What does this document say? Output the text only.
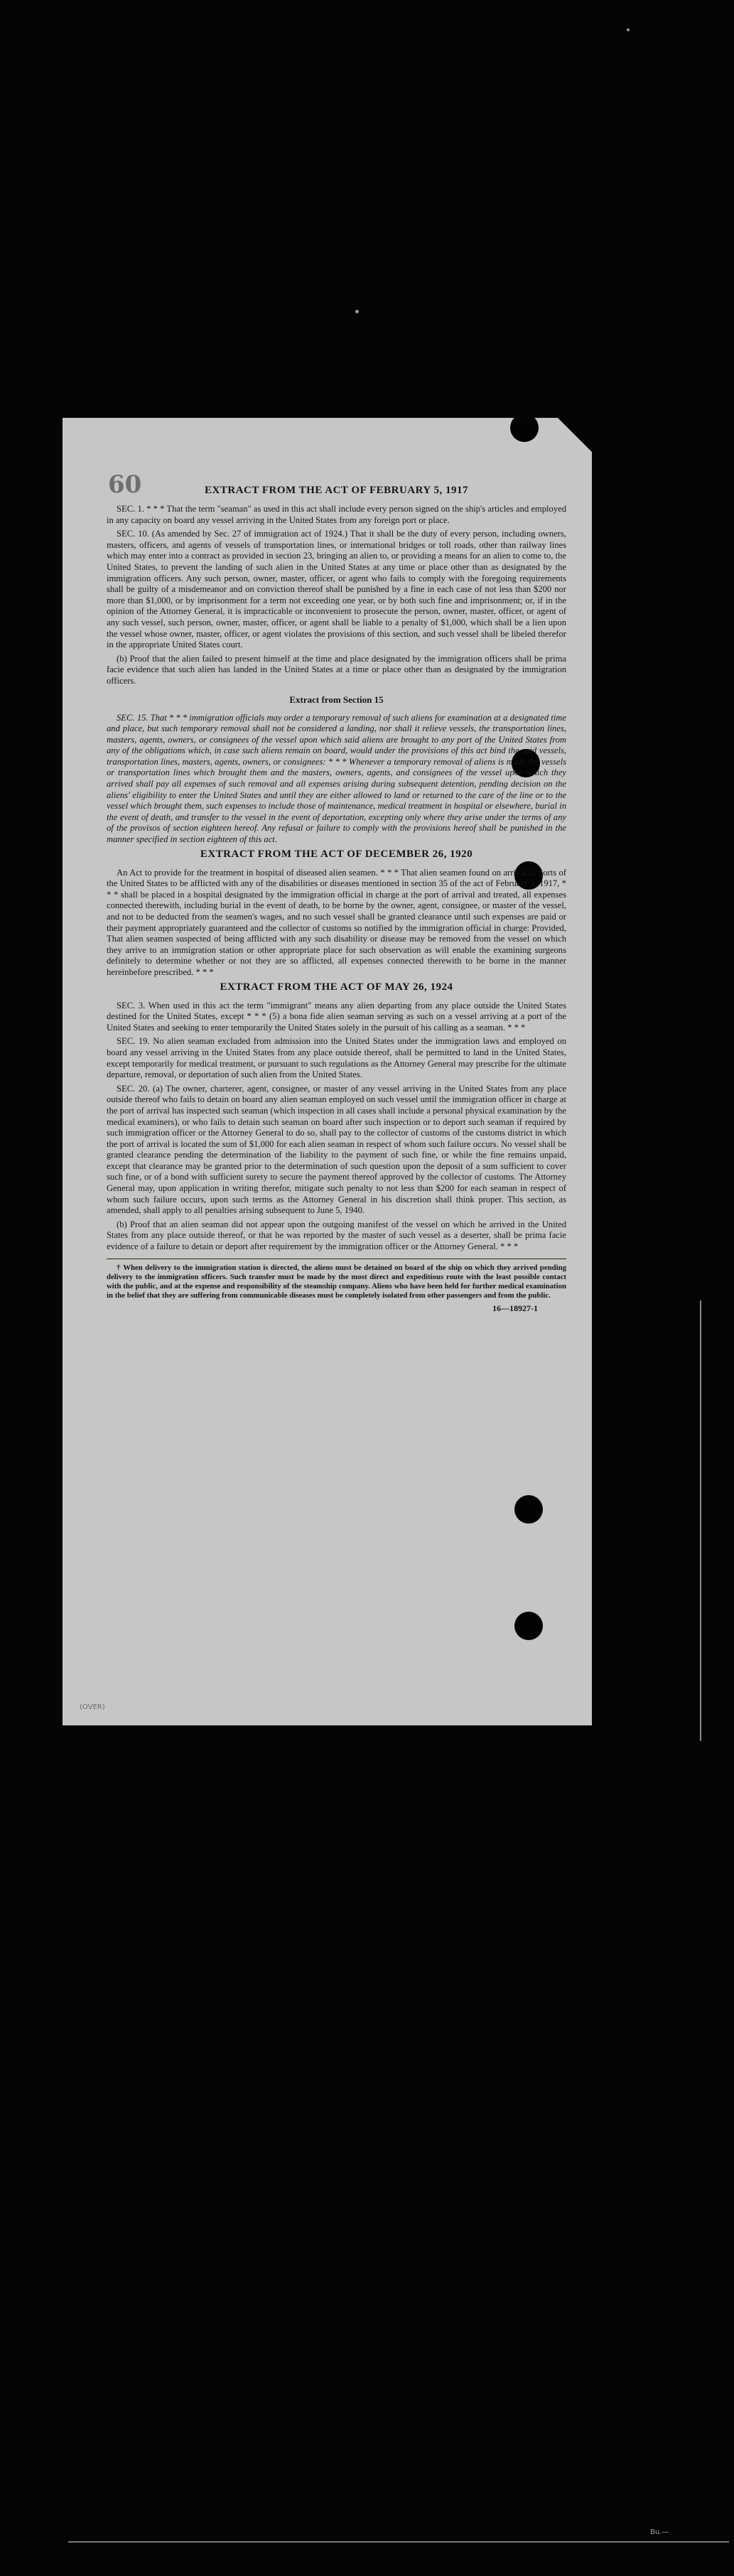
60	EXTRACT FROM THE ACT OF FEBRUARY 5, 1917

SEC. 1. * * * That the term "seaman" as used in this act shall include every person signed on the ship's articles and employed in any capacity on board any vessel arriving in the United States from any foreign port or place.

SEC. 10. (As amended by Sec. 27 of immigration act of 1924.) That it shall be the duty of every person, including owners, masters, officers, and agents of vessels of transportation lines, or international bridges or toll roads, other than railway lines which may enter into a contract as provided in section 23, bringing an alien to, or providing a means for an alien to come to, the United States, to prevent the landing of such alien in the United States at any time or place other than as designated by the immigration officers. Any such person, owner, master, officer, or agent who fails to comply with the foregoing requirements shall be guilty of a misdemeanor and on conviction thereof shall be punished by a fine in each case of not less than $200 nor more than $1,000, or by imprisonment for a term not exceeding one year, or by both such fine and imprisonment; or, if in the opinion of the Attorney General, it is impracticable or inconvenient to prosecute the person, owner, master, officer, or agent of any such vessel, such person, owner, master, officer, or agent shall be liable to a penalty of $1,000, which shall be a lien upon the vessel whose owner, master, officer, or agent violates the provisions of this section, and such vessel shall be libeled therefor in the appropriate United States court.

(b) Proof that the alien failed to present himself at the time and place designated by the immigration officers shall be prima facie evidence that such alien has landed in the United States at a time or place other than as designated by the immigration officers.

Extract from Section 15

SEC. 15. That * * * immigration officials may order a temporary removal of such aliens for examination at a designated time and place, but such temporary removal shall not be considered a landing, nor shall it relieve vessels, the transportation lines, masters, agents, owners, or consignees of the vessel upon which said aliens are brought to any port of the United States from any of the obligations which, in case such aliens remain on board, would under the provisions of this act bind the said vessels, transportation lines, masters, agents, owners, or consignees: * * * Whenever a temporary removal of aliens is made the vessels or transportation lines which brought them and the masters, owners, agents, and consignees of the vessel upon which they arrived shall pay all expenses of such removal and all expenses arising during subsequent detention, pending decision on the aliens' eligibility to enter the United States and until they are either allowed to land or returned to the care of the line or to the vessel which brought them, such expenses to include those of maintenance, medical treatment in hospital or elsewhere, burial in the event of death, and transfer to the vessel in the event of deportation, excepting only where they arise under the terms of any of the provisos of section eighteen hereof. Any refusal or failure to comply with the provisions hereof shall be punished in the manner specified in section eighteen of this act.

EXTRACT FROM THE ACT OF DECEMBER 26, 1920

An Act to provide for the treatment in hospital of diseased alien seamen. * * * That alien seamen found on arrival in ports of the United States to be afflicted with any of the disabilities or diseases mentioned in section 35 of the act of February 5, 1917, * * * shall be placed in a hospital designated by the immigration official in charge at the port of arrival and treated, all expenses connected therewith, including burial in the event of death, to be borne by the owner, agent, consignee, or master of the vessel, and not to be deducted from the seamen's wages, and no such vessel shall be granted clearance until such expenses are paid or their payment appropriately guaranteed and the collector of customs so notified by the immigration official in charge: Provided, That alien seamen suspected of being afflicted with any such disability or disease may be removed from the vessel on which they arrive to an immigration station or other appropriate place for such observation as will enable the examining surgeons definitely to determine whether or not they are so afflicted, all expenses connected therewith to be borne in the manner hereinbefore prescribed. * * *

EXTRACT FROM THE ACT OF MAY 26, 1924

SEC. 3. When used in this act the term "immigrant" means any alien departing from any place outside the United States destined for the United States, except * * * (5) a bona fide alien seaman serving as such on a vessel arriving at a port of the United States and seeking to enter temporarily the United States solely in the pursuit of his calling as a seaman. * * *

SEC. 19. No alien seaman excluded from admission into the United States under the immigration laws and employed on board any vessel arriving in the United States from any place outside thereof, shall be permitted to land in the United States, except temporarily for medical treatment, or pursuant to such regulations as the Attorney General may prescribe for the ultimate departure, removal, or deportation of such alien from the United States.

SEC. 20. (a) The owner, charterer, agent, consignee, or master of any vessel arriving in the United States from any place outside thereof who fails to detain on board any alien seaman employed on such vessel until the immigration officer in charge at the port of arrival has inspected such seaman (which inspection in all cases shall include a personal physical examination by the medical examiners), or who fails to detain such seaman on board after such inspection or to deport such seaman if required by such immigration officer or the Attorney General to do so, shall pay to the collector of customs of the customs district in which the port of arrival is located the sum of $1,000 for each alien seaman in respect of whom such failure occurs. No vessel shall be granted clearance pending the determination of the liability to the payment of such fine, or while the fine remains unpaid, except that clearance may be granted prior to the determination of such question upon the deposit of a sum sufficient to cover such fine, or of a bond with sufficient surety to secure the payment thereof approved by the collector of customs. The Attorney General may, upon application in writing therefor, mitigate such penalty to not less than $200 for each seaman in respect of whom such failure occurs, upon such terms as the Attorney General in his discretion shall think proper. This section, as amended, shall apply to all penalties arising subsequent to June 5, 1940.

(b) Proof that an alien seaman did not appear upon the outgoing manifest of the vessel on which he arrived in the United States from any place outside thereof, or that he was reported by the master of such vessel as a deserter, shall be prima facie evidence of a failure to detain or deport after requirement by the immigration officer or the Attorney General. * * *

† When delivery to the immigration station is directed, the aliens must be detained on board of the ship on which they arrived pending delivery to the immigration officers. Such transfer must be made by the most direct and expeditious route with the least possible contact with the public, and at the expense and responsibility of the steamship company. Aliens who have been held for further medical examination in the belief that they are suffering from communicable diseases must be completely isolated from other passengers and from the public.

16—18927-1
(OVER)
Bu.—
